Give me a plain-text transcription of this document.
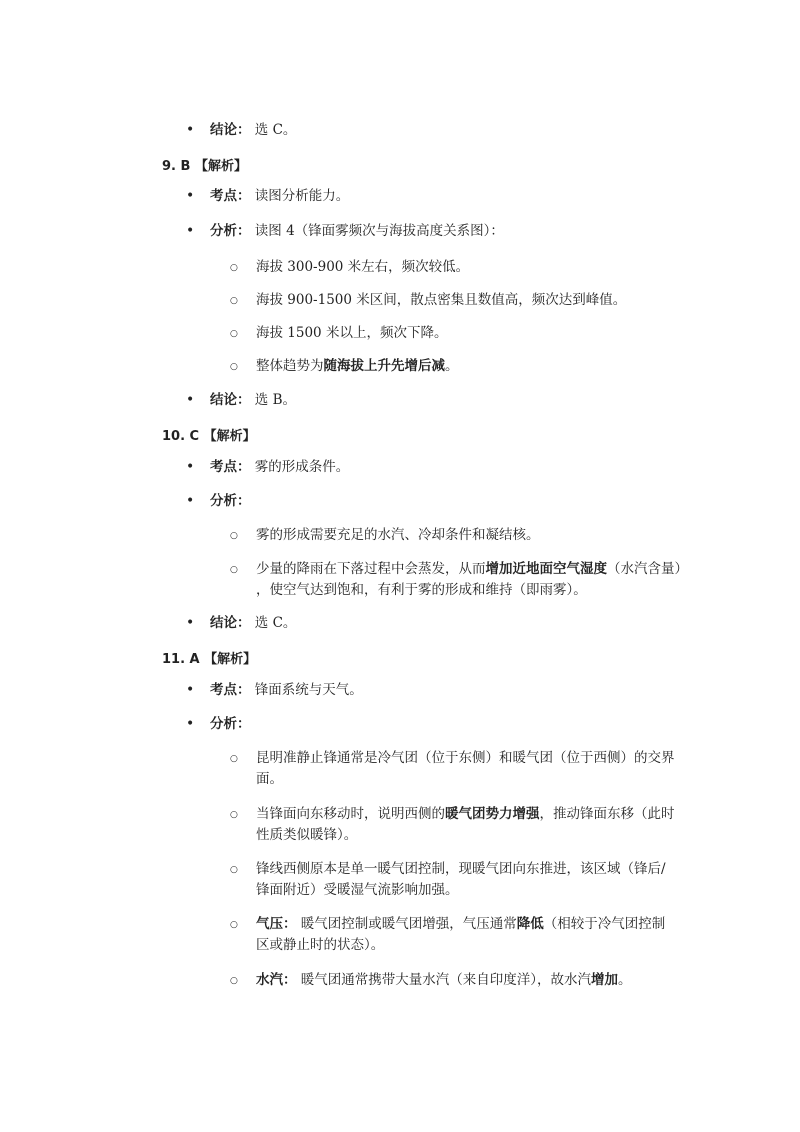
• 结论： 选 C。
9. B 【解析】
• 考点： 读图分析能力。
• 分析： 读图 4（锋面雾频次与海拔高度关系图）：
○ 海拔 300-900 米左右，频次较低。
○ 海拔 900-1500 米区间，散点密集且数值高，频次达到峰值。
○ 海拔 1500 米以上，频次下降。
○ 整体趋势为随海拔上升先增后减。
• 结论： 选 B。
10. C 【解析】
• 考点： 雾的形成条件。
• 分析：
○ 雾的形成需要充足的水汽、冷却条件和凝结核。
○ 少量的降雨在下落过程中会蒸发，从而增加近地面空气湿度（水汽含量）
，使空气达到饱和，有利于雾的形成和维持（即雨雾）。
• 结论： 选 C。
11. A 【解析】
• 考点： 锋面系统与天气。
• 分析：
○ 昆明准静止锋通常是冷气团（位于东侧）和暖气团（位于西侧）的交界
面。
○ 当锋面向东移动时，说明西侧的暖气团势力增强，推动锋面东移（此时
性质类似暖锋）。
○ 锋线西侧原本是单一暖气团控制，现暖气团向东推进，该区域（锋后/
锋面附近）受暖湿气流影响加强。
○ 气压： 暖气团控制或暖气团增强，气压通常降低（相较于冷气团控制
区或静止时的状态）。
○ 水汽： 暖气团通常携带大量水汽（来自印度洋），故水汽增加。
